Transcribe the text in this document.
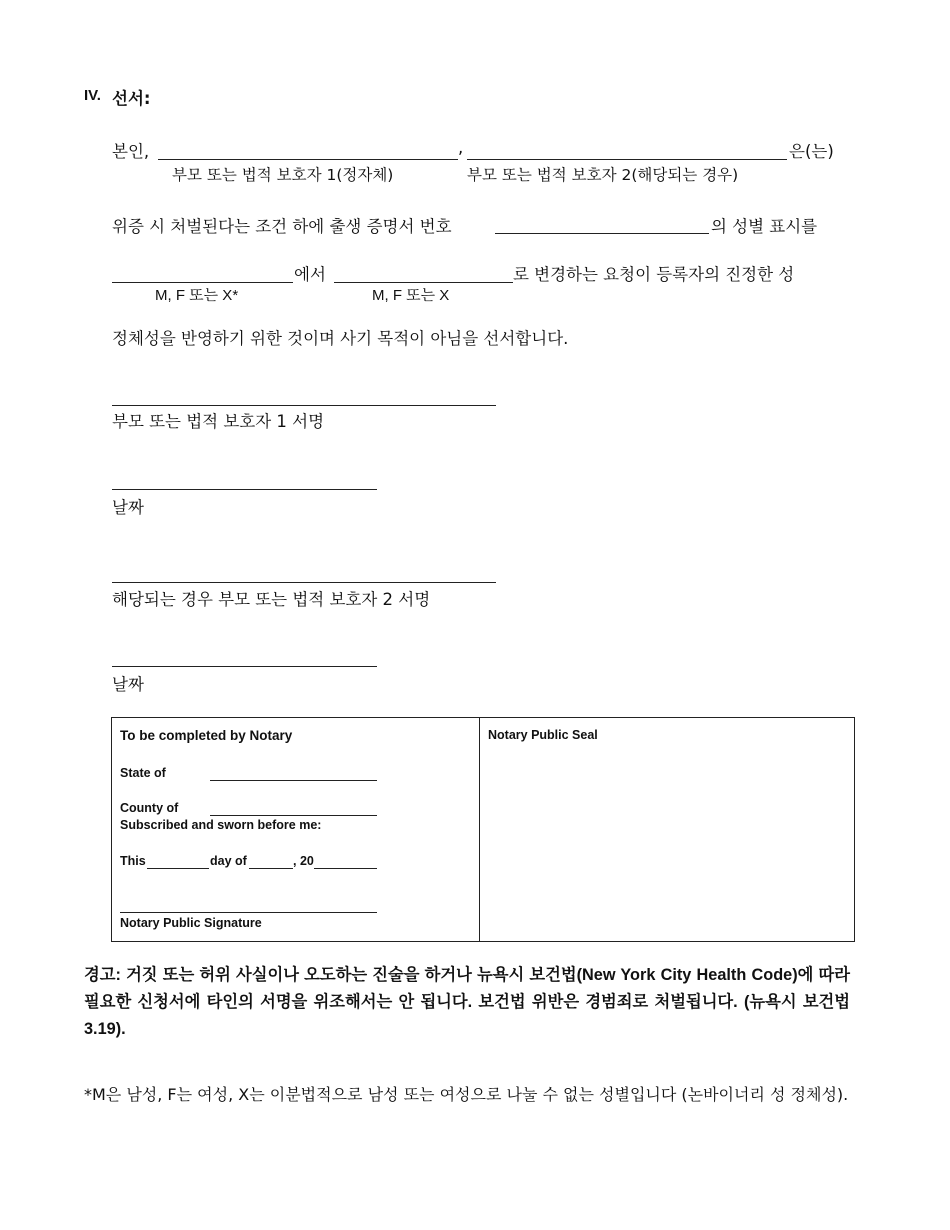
IV. 선서:
본인,	,	은(는)
부모 또는 법적 보호자 1(정자체)	부모 또는 법적 보호자 2(해당되는 경우)
위증 시 처벌된다는 조건 하에 출생 증명서 번호	의 성별 표시를
에서	로 변경하는 요청이 등록자의 진정한 성
M, F 또는 X*	M, F 또는 X
정체성을 반영하기 위한 것이며 사기 목적이 아님을 선서합니다.
부모 또는 법적 보호자 1 서명
날짜
해당되는 경우 부모 또는 법적 보호자 2 서명
날짜
To be completed by Notary
State of
County of
Subscribed and sworn before me:
This	day of	, 20
Notary Public Signature
Notary Public Seal
경고: 거짓 또는 허위 사실이나 오도하는 진술을 하거나 뉴욕시 보건법(New York City Health Code)에 따라 필요한 신청서에 타인의 서명을 위조해서는 안 됩니다. 보건법 위반은 경범죄로 처벌됩니다. (뉴욕시 보건법 3.19).
*M은 남성, F는 여성, X는 이분법적으로 남성 또는 여성으로 나눌 수 없는 성별입니다 (논바이너리 성 정체성).
